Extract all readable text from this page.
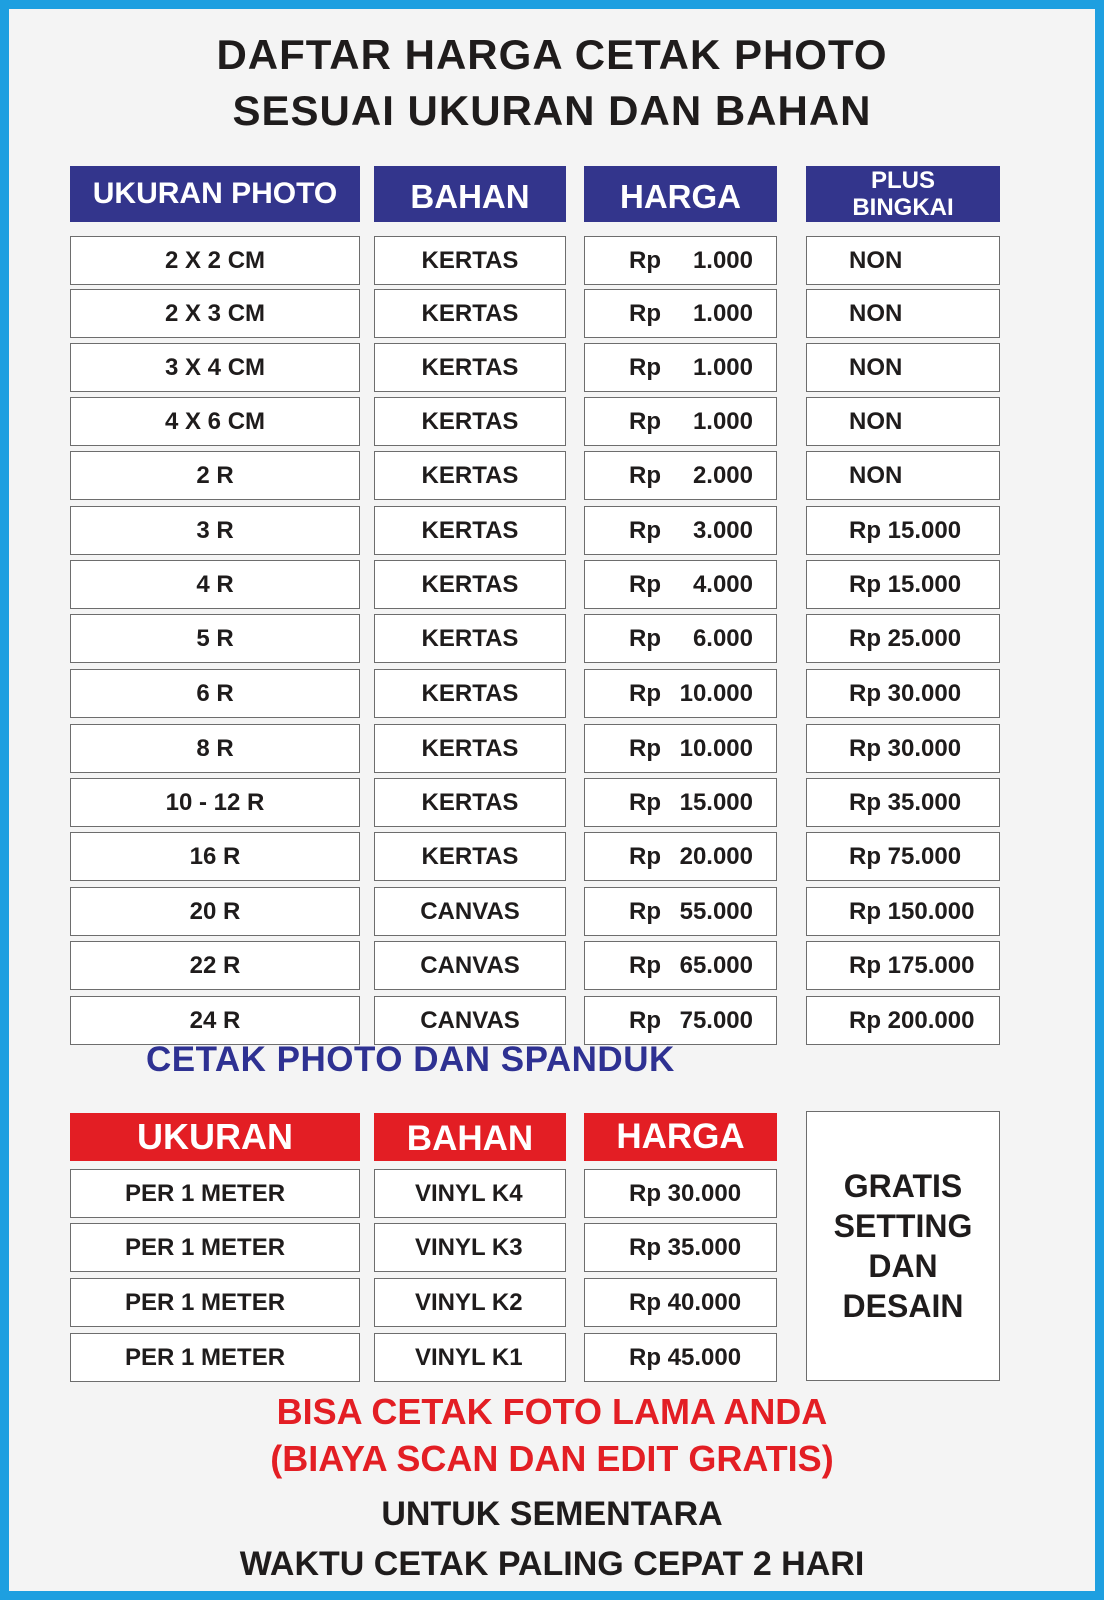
DAFTAR HARGA CETAK PHOTO
SESUAI UKURAN DAN BAHAN
UKURAN PHOTO	BAHAN	HARGA	PLUS
BINGKAI
2 X 2 CM	KERTAS	Rp	1.000	NON
2 X 3 CM	KERTAS	Rp	1.000	NON
3 X 4 CM	KERTAS	Rp	1.000	NON
4 X 6 CM	KERTAS	Rp	1.000	NON
2 R	KERTAS	Rp	2.000	NON
3 R	KERTAS	Rp	3.000	Rp 15.000
4 R	KERTAS	Rp	4.000	Rp 15.000
5 R	KERTAS	Rp	6.000	Rp 25.000
6 R	KERTAS	Rp 10.000	Rp 30.000
8 R	KERTAS	Rp 10.000	Rp 30.000
10 - 12 R	KERTAS	Rp 15.000	Rp 35.000
16 R	KERTAS	Rp 20.000	Rp 75.000
20 R	CANVAS	Rp 55.000	Rp 150.000
22 R	CANVAS	Rp 65.000	Rp 175.000
24 R	CANVAS	Rp 75.000	Rp 200.000
CETAK PHOTO DAN SPANDUK
UKURAN	BAHAN	HARGA
PER 1 METER	VINYL K4	Rp 30.000
PER 1 METER	VINYL K3	Rp 35.000
PER 1 METER	VINYL K2	Rp 40.000
PER 1 METER	VINYL K1	Rp 45.000
GRATIS
SETTING
DAN
DESAIN

BISA CETAK FOTO LAMA ANDA

(BIAYA SCAN DAN EDIT GRATIS)

UNTUK SEMENTARA

WAKTU CETAK PALING CEPAT 2 HARI
